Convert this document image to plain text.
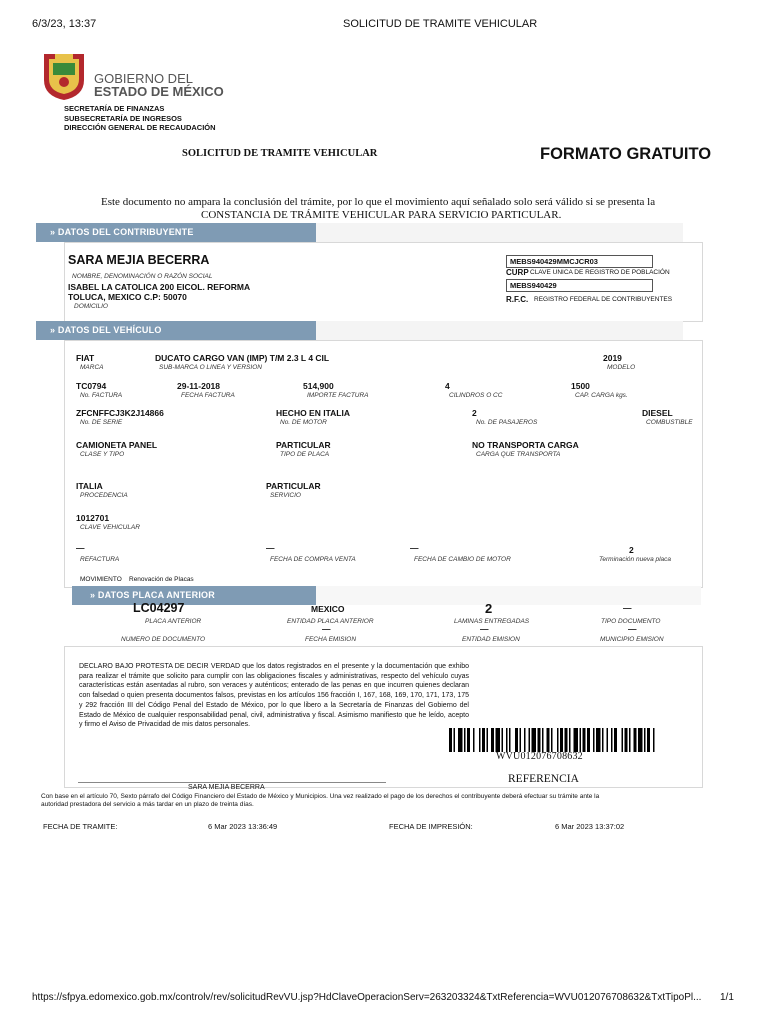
6/3/23, 13:37	SOLICITUD DE TRAMITE VEHICULAR
GOBIERNO DEL
ESTADO DE MÉXICO
SECRETARÍA DE FINANZAS
SUBSECRETARÍA DE INGRESOS
DIRECCIÓN GENERAL DE RECAUDACIÓN
SOLICITUD DE TRAMITE VEHICULAR	FORMATO GRATUITO
Este documento no ampara la conclusión del trámite, por lo que el movimiento aquí señalado solo será válido si se presenta la
CONSTANCIA DE TRÁMITE VEHICULAR PARA SERVICIO PARTICULAR.
» DATOS DEL CONTRIBUYENTE
SARA MEJIA BECERRA
NOMBRE, DENOMINACIÓN O RAZÓN SOCIAL
ISABEL LA CATOLICA 200 EICOL. REFORMA
TOLUCA, MEXICO C.P: 50070
DOMICILIO
MEBS940429MMCJCR03
CURP CLAVE UNICA DE REGISTRO DE POBLACIÓN
MEBS940429
R.F.C. REGISTRO FEDERAL DE CONTRIBUYENTES
» DATOS DEL VEHÍCULO
FIAT
MARCA
DUCATO CARGO VAN (IMP) T/M 2.3 L 4 CIL
SUB-MARCA O LINEA Y VERSION
2019
MODELO
TC0794
No. FACTURA
29-11-2018
FECHA FACTURA
514,900
IMPORTE FACTURA
4
CILINDROS O CC
1500
CAP. CARGA kgs.
ZFCNFFCJ3K2J14866
No. DE SERIE
HECHO EN ITALIA
No. DE MOTOR
2
No. DE PASAJEROS
DIESEL
COMBUSTIBLE
CAMIONETA PANEL
CLASE Y TIPO
PARTICULAR
TIPO DE PLACA
NO TRANSPORTA CARGA
CARGA QUE TRANSPORTA
ITALIA
PROCEDENCIA
PARTICULAR
SERVICIO
1012701
CLAVE VEHICULAR
—
REFACTURA
—
FECHA DE COMPRA VENTA
—
FECHA DE CAMBIO DE MOTOR
2
Terminación nueva placa
MOVIMIENTO Renovación de Placas
» DATOS PLACA ANTERIOR
LC04297
PLACA ANTERIOR
MEXICO
ENTIDAD PLACA ANTERIOR
2
LAMINAS ENTREGADAS
—
TIPO DOCUMENTO
NUMERO DE DOCUMENTO
—
FECHA EMISION
—
ENTIDAD EMISION
—
MUNICIPIO EMISION
DECLARO BAJO PROTESTA DE DECIR VERDAD que los datos registrados en el presente y la documentación que exhibo para realizar el trámite que solicito para cumplir con las obligaciones fiscales y administrativas, respecto del vehículo cuyas características están asentadas al rubro, son veraces y auténticos; enterado de las penas en que incurren quienes declaran con falsedad o quien presenta documentos falsos, previstas en los artículos 156 fracción I, 167, 168, 169, 170, 171, 173, 175 y 292 fracción III del Código Penal del Estado de México, por lo que libero a la Secretaría de Finanzas del Gobierno del Estado de México de cualquier responsabilidad penal, civil, administrativa y fiscal. Asimismo manifiesto que he leído, acepto y firmo el Aviso de Privacidad de mis datos personales.
WVU012076708632
REFERENCIA
SARA MEJIA BECERRA
Con base en el artículo 70, Sexto párrafo del Código Financiero del Estado de México y Municipios. Una vez realizado el pago de los derechos el contribuyente deberá efectuar su trámite ante la
autoridad prestadora del servicio a más tardar en un plazo de treinta días.
FECHA DE TRAMITE:	6 Mar 2023 13:36:49	FECHA DE IMPRESIÓN:	6 Mar 2023 13:37:02
https://sfpya.edomexico.gob.mx/controlv/rev/solicitudRevVU.jsp?HdClaveOperacionServ=263203324&TxtReferencia=WVU012076708632&TxtTipoPl... 1/1
